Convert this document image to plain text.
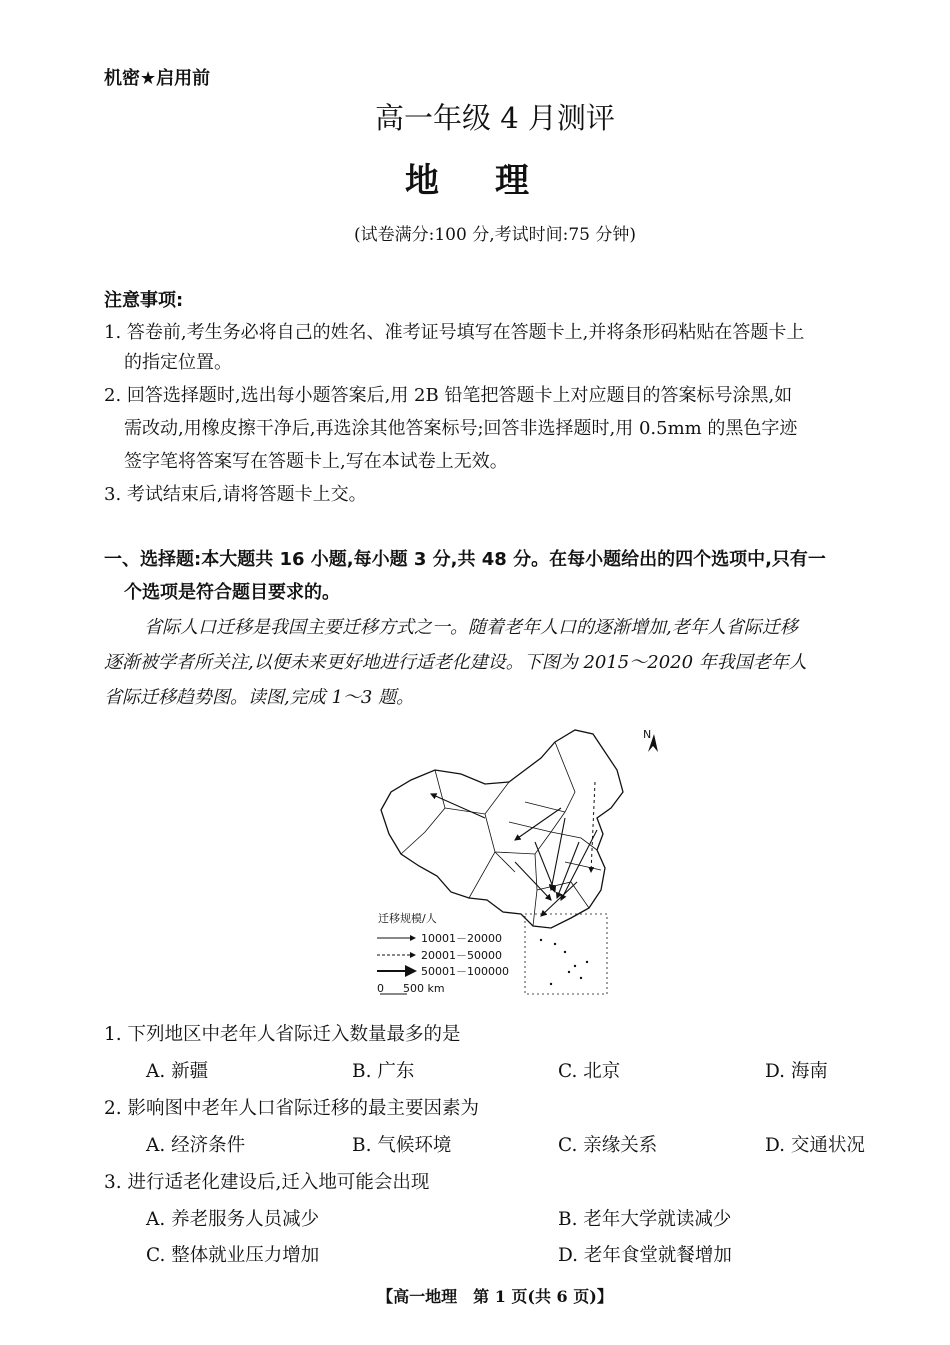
机密★启用前
高一年级 4 月测评
地理
(试卷满分:100 分,考试时间:75 分钟)
注意事项:
1. 答卷前,考生务必将自己的姓名、准考证号填写在答题卡上,并将条形码粘贴在答题卡上
的指定位置。
2. 回答选择题时,选出每小题答案后,用 2B 铅笔把答题卡上对应题目的答案标号涂黑,如
需改动,用橡皮擦干净后,再选涂其他答案标号;回答非选择题时,用 0.5mm 的黑色字迹
签字笔将答案写在答题卡上,写在本试卷上无效。
3. 考试结束后,请将答题卡上交。
一、选择题:本大题共 16 小题,每小题 3 分,共 48 分。在每小题给出的四个选项中,只有一
个选项是符合题目要求的。
省际人口迁移是我国主要迁移方式之一。随着老年人口的逐渐增加,老年人省际迁移
逐渐被学者所关注,以便未来更好地进行适老化建设。下图为 2015～2020 年我国老年人
省际迁移趋势图。读图,完成 1～3 题。
N
迁移规模/人
10001－20000
20001－50000
50001－100000
0 500 km
1. 下列地区中老年人省际迁入数量最多的是
A. 新疆	B. 广东	C. 北京	D. 海南
2. 影响图中老年人口省际迁移的最主要因素为
A. 经济条件	B. 气候环境	C. 亲缘关系	D. 交通状况
3. 进行适老化建设后,迁入地可能会出现
A. 养老服务人员减少	B. 老年大学就读减少
C. 整体就业压力增加	D. 老年食堂就餐增加
【高一地理　第 1 页(共 6 页)】
